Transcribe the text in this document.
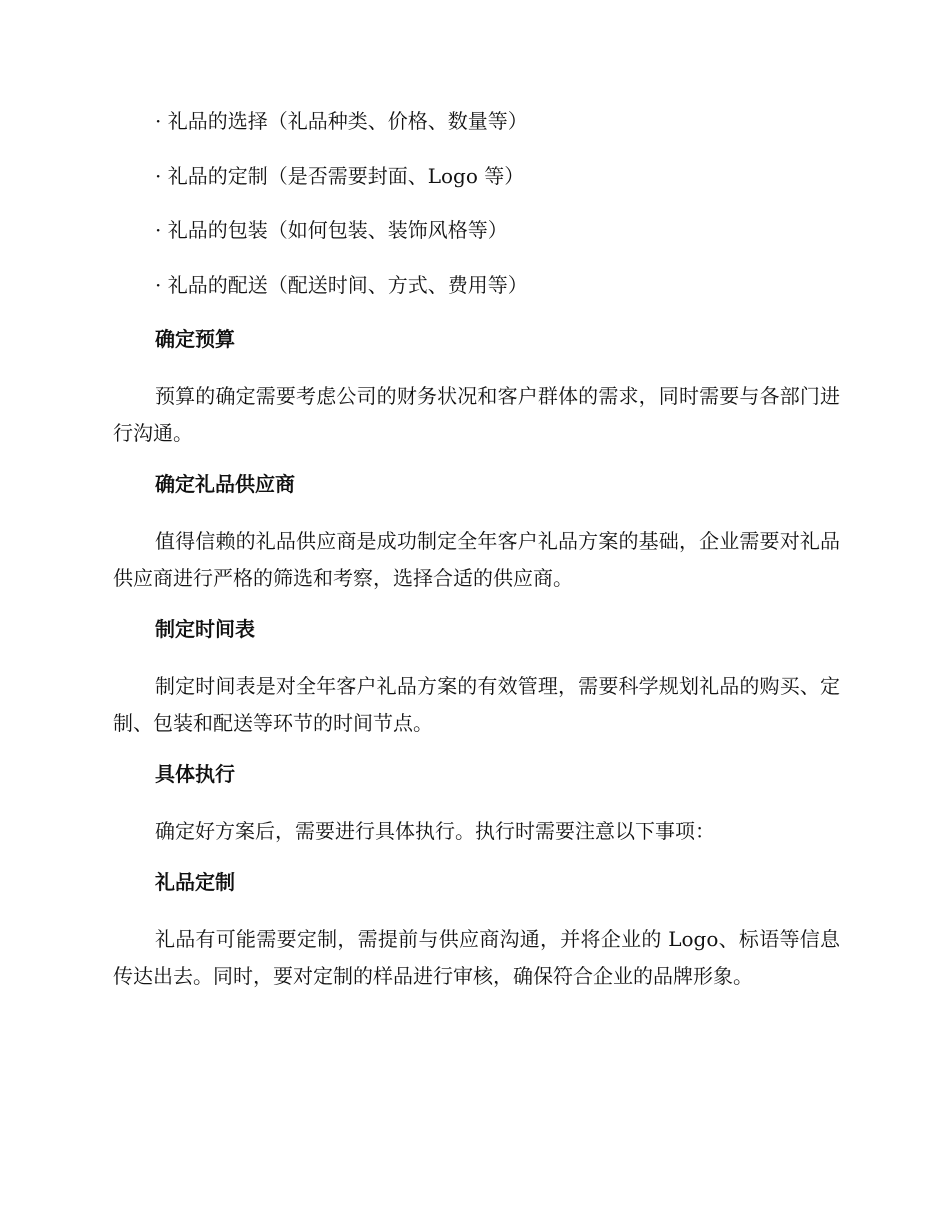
· 礼品的选择（礼品种类、价格、数量等）

· 礼品的定制（是否需要封面、Logo 等）

· 礼品的包装（如何包装、装饰风格等）

· 礼品的配送（配送时间、方式、费用等）

确定预算

预算的确定需要考虑公司的财务状况和客户群体的需求，同时需要与各部门进行沟通。

确定礼品供应商

值得信赖的礼品供应商是成功制定全年客户礼品方案的基础，企业需要对礼品供应商进行严格的筛选和考察，选择合适的供应商。

制定时间表

制定时间表是对全年客户礼品方案的有效管理，需要科学规划礼品的购买、定制、包装和配送等环节的时间节点。

具体执行

确定好方案后，需要进行具体执行。执行时需要注意以下事项：

礼品定制

礼品有可能需要定制，需提前与供应商沟通，并将企业的 Logo、标语等信息传达出去。同时，要对定制的样品进行审核，确保符合企业的品牌形象。
